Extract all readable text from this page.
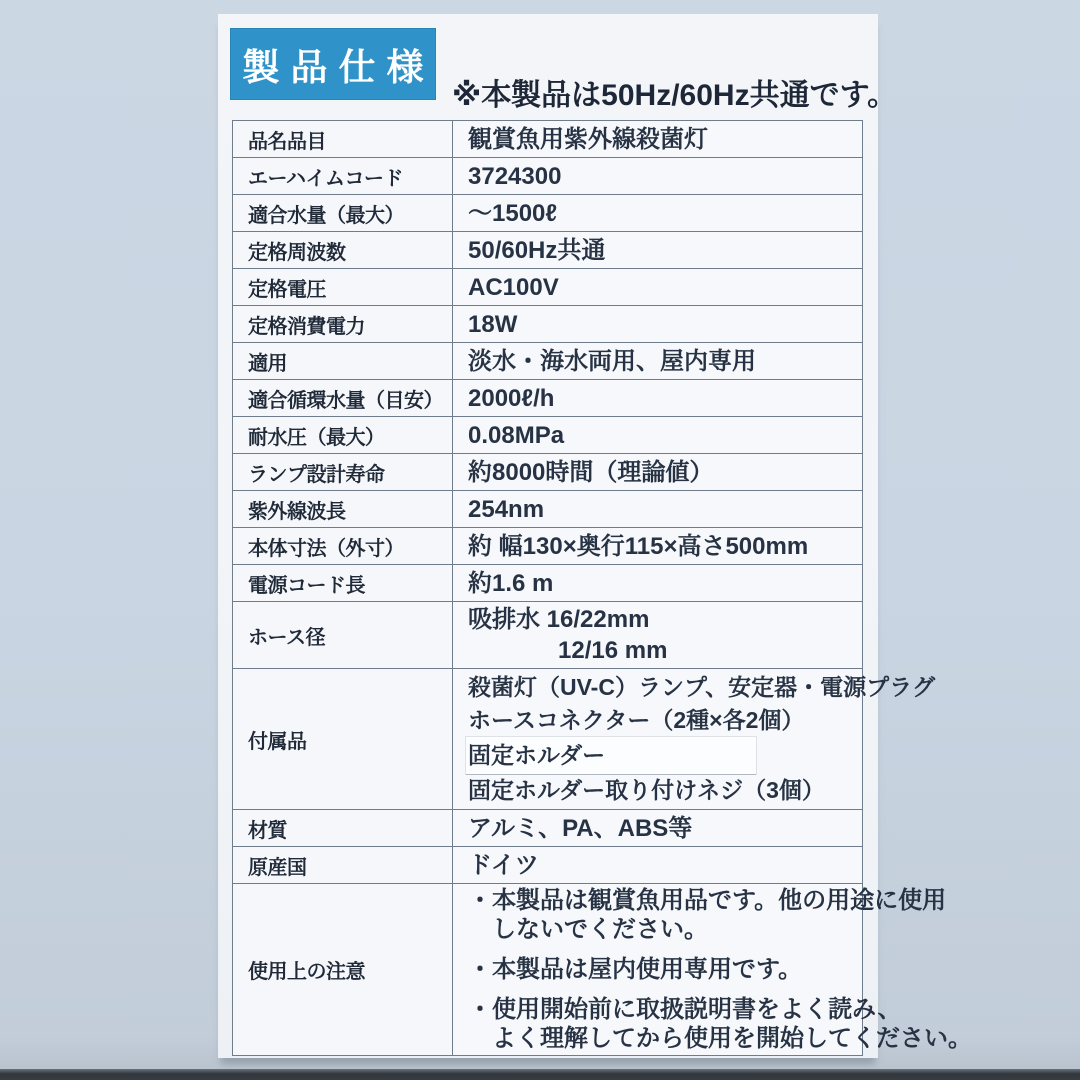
製品仕様
※本製品は50Hz/60Hz共通です。
品名品目	観賞魚用紫外線殺菌灯

エーハイムコード	3724300

適合水量（最大）	～1500ℓ

定格周波数	50/60Hz共通

定格電圧	AC100V

定格消費電力	18W

適用	淡水・海水両用、屋内専用

適合循環水量（目安）	2000ℓ/h

耐水圧（最大）	0.08MPa

ランプ設計寿命	約8000時間（理論値）

紫外線波長	254nm

本体寸法（外寸）	約 幅130×奥行115×高さ500mm

電源コード長	約1.6 m

ホース径	吸排水 16/22mm
12/16 mm

付属品	殺菌灯（UV-C）ランプ、安定器・電源プラグ
ホースコネクター（2種×各2個）
固定ホルダー
固定ホルダー取り付けネジ（3個）

材質	アルミ、PA、ABS等

原産国	ドイツ

使用上の注意	・本製品は観賞魚用品です。他の用途に使用
　しないでください。
・本製品は屋内使用専用です。
・使用開始前に取扱説明書をよく読み、
　よく理解してから使用を開始してください。
